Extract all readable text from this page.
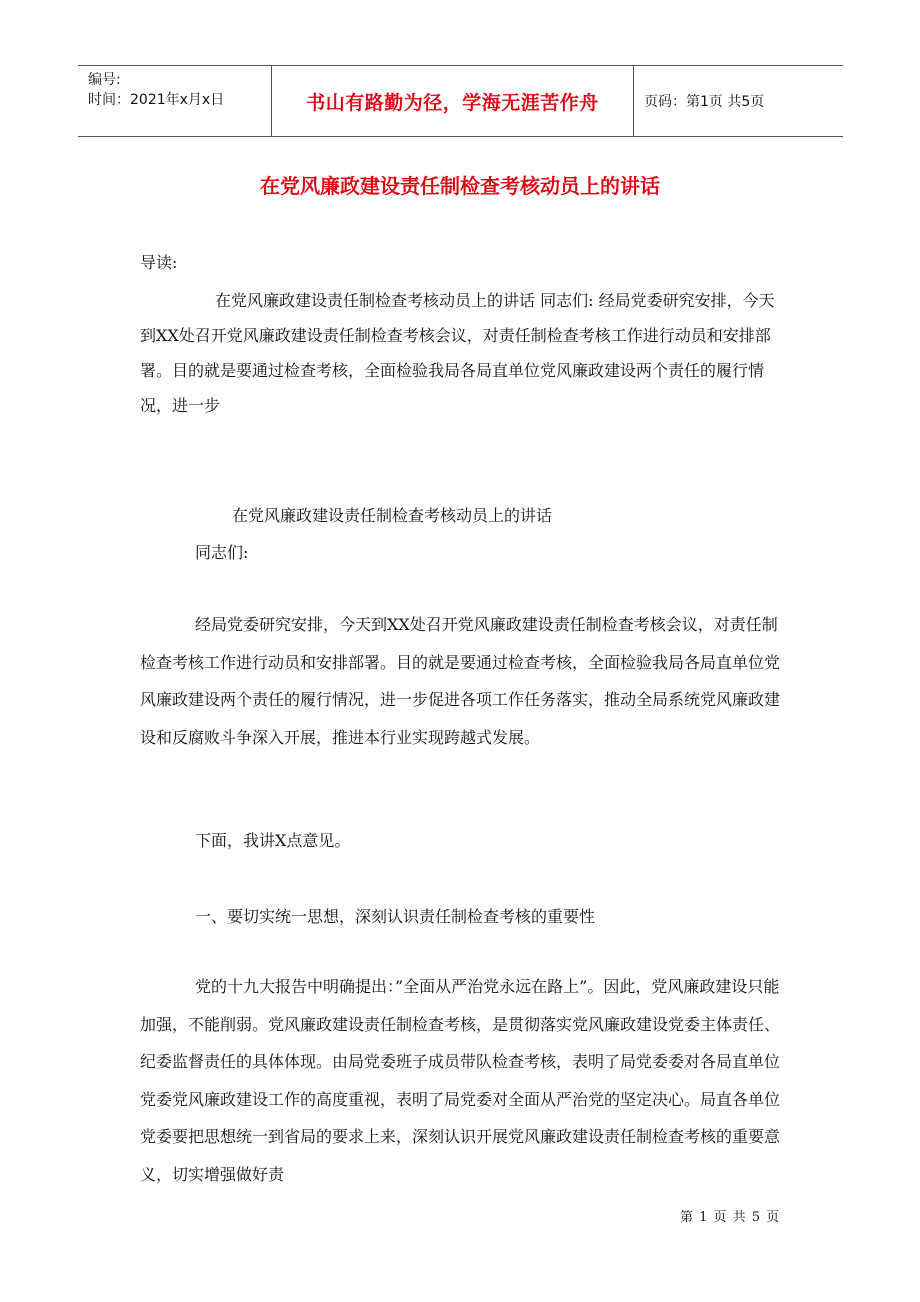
编号:
时间：2021年x月x日	书山有路勤为径，学海无涯苦作舟	页码：第1页 共5页
在党风廉政建设责任制检查考核动员上的讲话

导读:

在党风廉政建设责任制检查考核动员上的讲话 同志们: 经局党委研究安排，今天到XX处召开党风廉政建设责任制检查考核会议，对责任制检查考核工作进行动员和安排部署。目的就是要通过检查考核，全面检验我局各局直单位党风廉政建设两个责任的履行情况，进一步

在党风廉政建设责任制检查考核动员上的讲话

同志们:

经局党委研究安排，今天到XX处召开党风廉政建设责任制检查考核会议，对责任制检查考核工作进行动员和安排部署。目的就是要通过检查考核，全面检验我局各局直单位党风廉政建设两个责任的履行情况，进一步促进各项工作任务落实，推动全局系统党风廉政建设和反腐败斗争深入开展，推进本行业实现跨越式发展。

下面，我讲X点意见。

一、要切实统一思想，深刻认识责任制检查考核的重要性

党的十九大报告中明确提出：”全面从严治党永远在路上”。因此，党风廉政建设只能加强，不能削弱。党风廉政建设责任制检查考核，是贯彻落实党风廉政建设党委主体责任、纪委监督责任的具体体现。由局党委班子成员带队检查考核，表明了局党委委对各局直单位党委党风廉政建设工作的高度重视，表明了局党委对全面从严治党的坚定决心。局直各单位党委要把思想统一到省局的要求上来，深刻认识开展党风廉政建设责任制检查考核的重要意义，切实增强做好责

第 1 页 共 5 页
